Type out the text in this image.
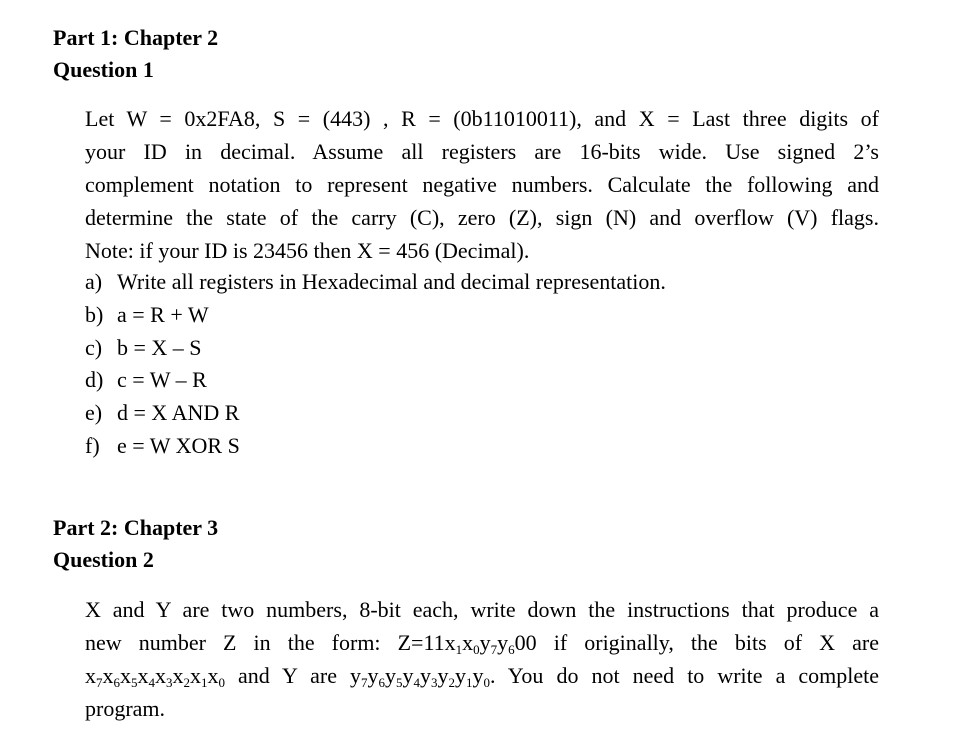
Part 1: Chapter 2
Question 1
Let W = 0x2FA8, S = (443) , R = (0b11010011), and X = Last three digits of
your ID in decimal. Assume all registers are 16-bits wide. Use signed 2’s
complement notation to represent negative numbers. Calculate the following and
determine the state of the carry (C), zero (Z), sign (N) and overflow (V) flags.
Note: if your ID is 23456 then X = 456 (Decimal).
a) Write all registers in Hexadecimal and decimal representation.
b) a = R + W
c) b = X – S
d) c = W – R
e) d = X AND R
f) e = W XOR S
Part 2: Chapter 3
Question 2
X and Y are two numbers, 8-bit each, write down the instructions that produce a
new number Z in the form: $Z=11x_1x_0y_7y_600$ if originally, the bits of X are
$x_7x_6x_5x_4x_3x_2x_1x_0$ and Y are $y_7y_6y_5y_4y_3y_2y_1y_0$. You do not need to write a complete
program.
